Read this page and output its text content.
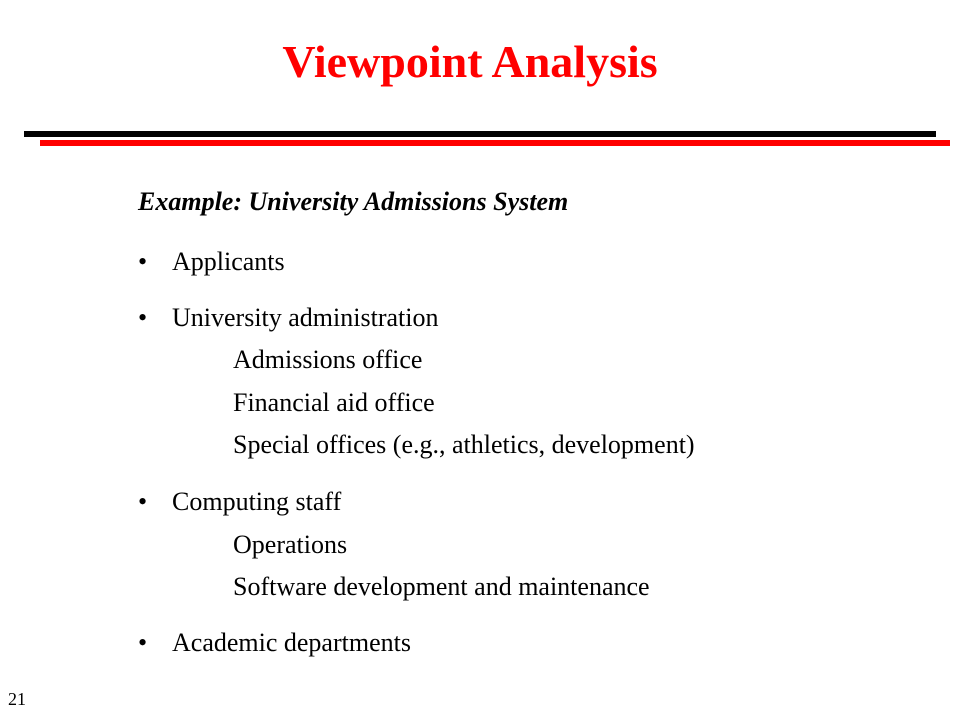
Viewpoint Analysis
Example: University Admissions System
• Applicants
• University administration
Admissions office
Financial aid office
Special offices (e.g., athletics, development)
• Computing staff
Operations
Software development and maintenance
• Academic departments
21
